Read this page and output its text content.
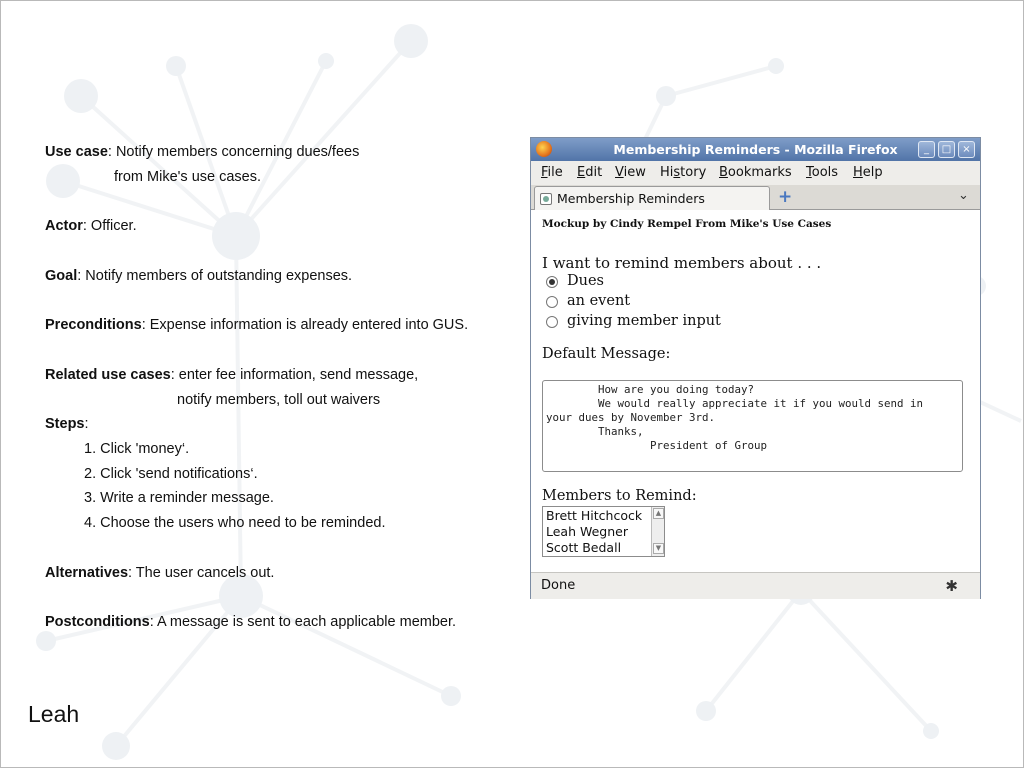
Use case: Notify members concerning dues/fees
from Mike's use cases.
Actor: Officer.
Goal: Notify members of outstanding expenses.
Preconditions: Expense information is already entered into GUS.
Related use cases: enter fee information, send message,
notify members, toll out waivers
Steps:
1. Click 'money‘.
2. Click 'send notifications‘.
3. Write a reminder message.
4. Choose the users who need to be reminded.
Alternatives: The user cancels out.
Postconditions: A message is sent to each applicable member.
Leah
Membership Reminders - Mozilla Firefox	_	□	×
File Edit View History Bookmarks Tools Help
Membership Reminders	+	⌄
Mockup by Cindy Rempel From Mike's Use Cases
I want to remind members about . . .
Dues
an event
giving member input
Default Message:
How are you doing today?
We would really appreciate it if you would send in
your dues by November 3rd.
Thanks,
President of Group
Members to Remind:
Brett Hitchcock
Leah Wegner
Scott Bedall
▲
▼
Done	✱
